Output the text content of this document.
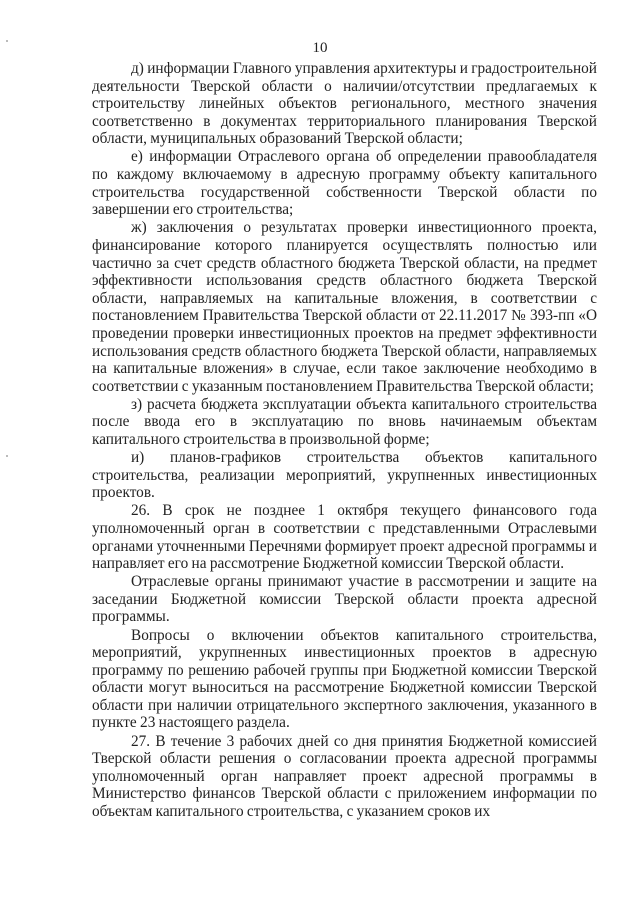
10

д) информации Главного управления архитектуры и градостроительной деятельности Тверской области о наличии/отсутствии предлагаемых к строительству линейных объектов регионального, местного значения соответственно в документах территориального планирования Тверской области, муниципальных образований Тверской области;

е) информации Отраслевого органа об определении правообладателя по каждому включаемому в адресную программу объекту капитального строительства государственной собственности Тверской области по завершении его строительства;

ж) заключения о результатах проверки инвестиционного проекта, финансирование которого планируется осуществлять полностью или частично за счет средств областного бюджета Тверской области, на предмет эффективности использования средств областного бюджета Тверской области, направляемых на капитальные вложения, в соответствии с постановлением Правительства Тверской области от 22.11.2017 № 393-пп «О проведении проверки инвестиционных проектов на предмет эффективности использования средств областного бюджета Тверской области, направляемых на капитальные вложения» в случае, если такое заключение необходимо в соответствии с указанным постановлением Правительства Тверской области;

з) расчета бюджета эксплуатации объекта капитального строительства после ввода его в эксплуатацию по вновь начинаемым объектам капитального строительства в произвольной форме;

и) планов-графиков строительства объектов капитального строительства, реализации мероприятий, укрупненных инвестиционных проектов.

26. В срок не позднее 1 октября текущего финансового года уполномоченный орган в соответствии с представленными Отраслевыми органами уточненными Перечнями формирует проект адресной программы и направляет его на рассмотрение Бюджетной комиссии Тверской области.

Отраслевые органы принимают участие в рассмотрении и защите на заседании Бюджетной комиссии Тверской области проекта адресной программы.

Вопросы о включении объектов капитального строительства, мероприятий, укрупненных инвестиционных проектов в адресную программу по решению рабочей группы при Бюджетной комиссии Тверской области могут выноситься на рассмотрение Бюджетной комиссии Тверской области при наличии отрицательного экспертного заключения, указанного в пункте 23 настоящего раздела.

27. В течение 3 рабочих дней со дня принятия Бюджетной комиссией Тверской области решения о согласовании проекта адресной программы уполномоченный орган направляет проект адресной программы в Министерство финансов Тверской области с приложением информации по объектам капитального строительства, с указанием сроков их
